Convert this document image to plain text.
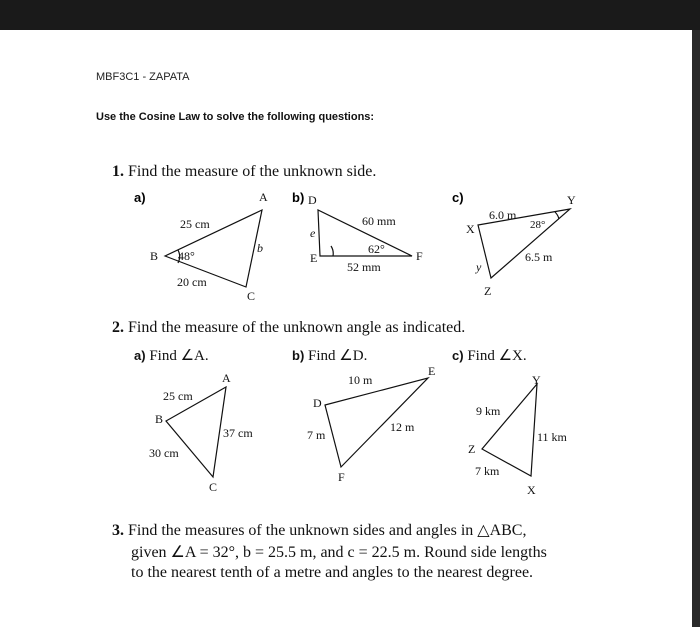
MBF3C1 - ZAPATA
Use the Cosine Law to solve the following questions:
1. Find the measure of the unknown side.
a)	b)	c)
A
B
C
25 cm
20 cm
b
48°
D
E	F
60 mm
52 mm
e
62°
X
Y
Z
6.0 m
6.5 m
y
28°
2. Find the measure of the unknown angle as indicated.
a) Find ∠A.	b) Find ∠D.	c) Find ∠X.
A
B
C
25 cm
30 cm
37 cm
D
E
F
10 m
7 m
12 m
Y
Z
X
9 km
11 km
7 km
3. Find the measures of the unknown sides and angles in △ABC,
given ∠A = 32°, b = 25.5 m, and c = 22.5 m. Round side lengths
to the nearest tenth of a metre and angles to the nearest degree.
